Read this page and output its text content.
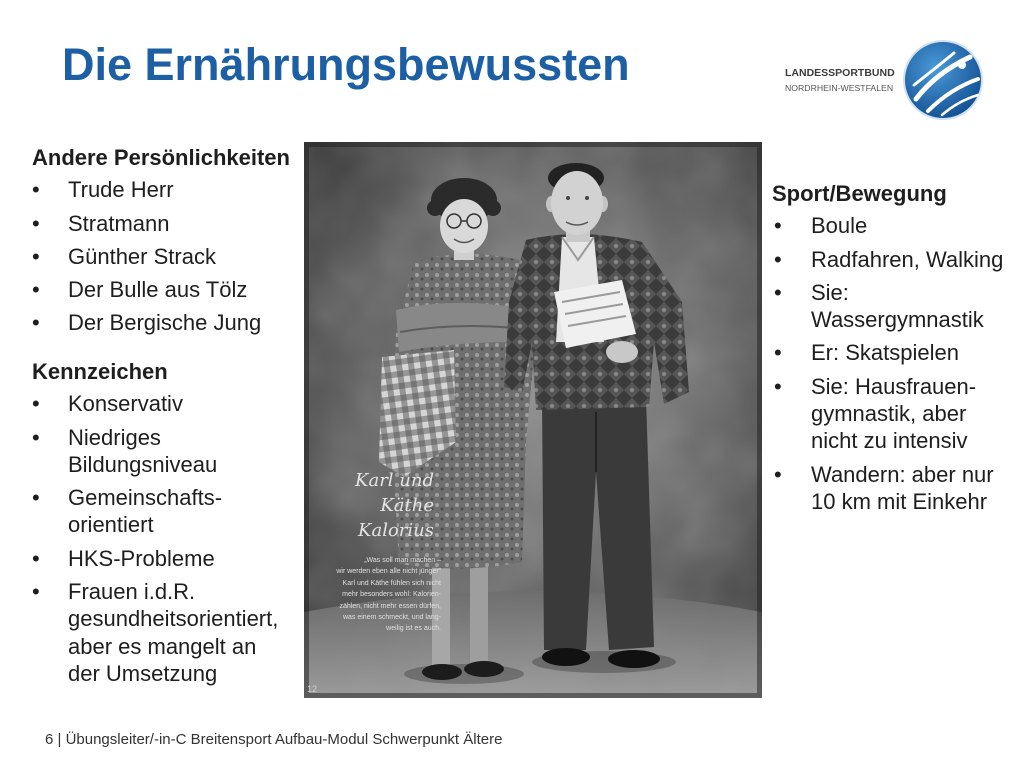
Die Ernährungsbewussten	LANDESSPORTBUND
NORDRHEIN-WESTFALEN
Andere Persönlichkeiten
• Trude Herr
• Stratmann
• Günther Strack
• Der Bulle aus Tölz
• Der Bergische Jung
Kennzeichen
• Konservativ
• Niedriges
Bildungsniveau
• Gemeinschafts-
orientiert
• HKS-Probleme
• Frauen i.d.R.
gesundheitsorientiert,
aber es mangelt an
der Umsetzung
Karl und
Käthe
Kalorius
„Was soll man machen –
wir werden eben alle nicht jünger“
Karl und Käthe fühlen sich nicht
mehr besonders wohl: Kalorien-
zählen, nicht mehr essen dürfen,
was einem schmeckt, und lang-
weilig ist es auch.
12
Sport/Bewegung
• Boule
• Radfahren, Walking
• Sie:
Wassergymnastik
• Er: Skatspielen
• Sie: Hausfrauen-
gymnastik, aber
nicht zu intensiv
• Wandern: aber nur
10 km mit Einkehr
6 | Übungsleiter/-in-C Breitensport Aufbau-Modul Schwerpunkt Ältere
